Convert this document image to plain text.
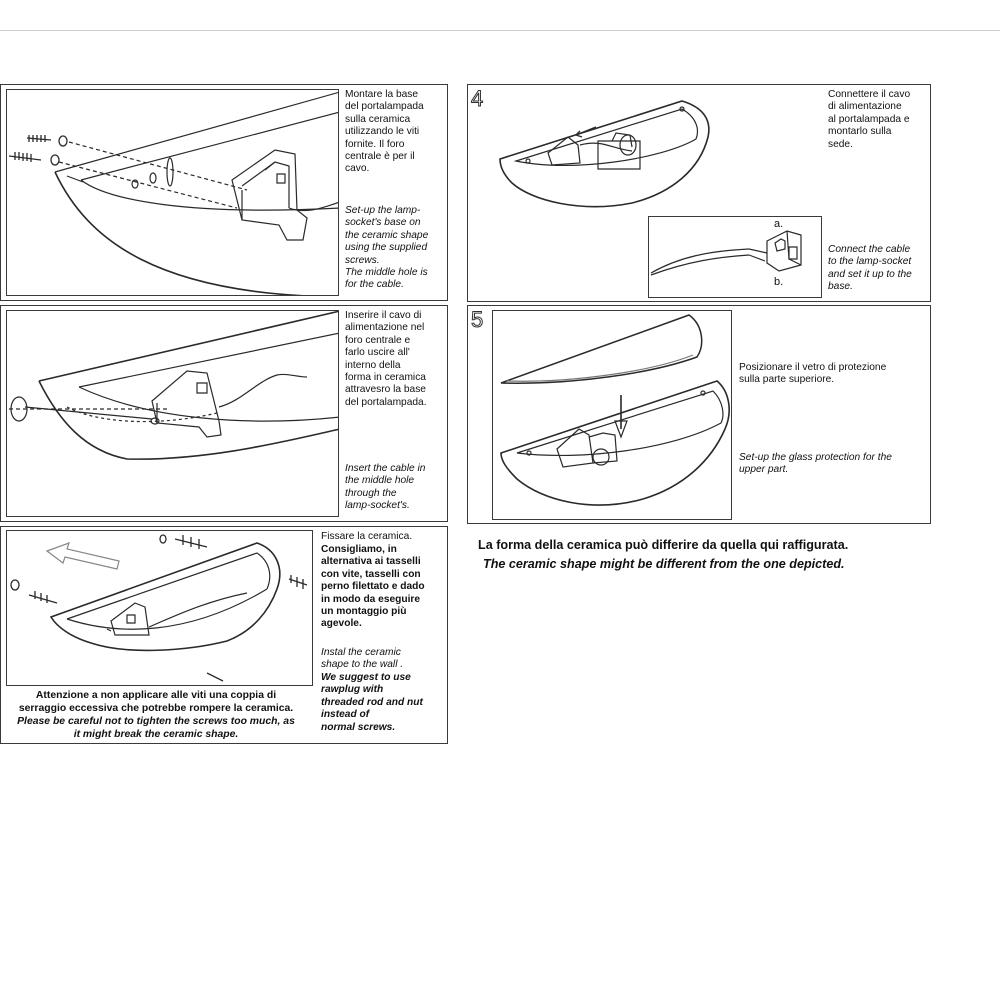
Montare la base
del portalampada
sulla ceramica
utilizzando le viti
fornite. Il foro
centrale è per il
cavo.
Set-up the lamp-
socket's base on
the ceramic shape
using the supplied
screws.
The middle hole is
for the cable.
Inserire il cavo di
alimentazione nel
foro centrale e
farlo uscire all'
interno della
forma in ceramica
attravesro la base
del portalampada.
Insert the cable in
the middle hole
through the
lamp-socket's.
Fissare la ceramica.
Consigliamo, in
alternativa ai tasselli
con vite, tasselli con
perno filettato e dado
in modo da eseguire
un montaggio più
agevole.
Instal the ceramic
shape to the wall .
We suggest to use
rawplug with
threaded rod and nut
instead of
normal screws.
Attenzione a non applicare alle viti una coppia di
serraggio eccessiva che potrebbe rompere la ceramica.
Please be careful not to tighten the screws too much, as
it might break the ceramic shape.
4
a.
b.
Connettere il cavo
di alimentazione
al portalampada e
montarlo sulla
sede.
Connect the cable
to the lamp-socket
and set it up to the
base.
5
Posizionare il vetro di protezione
sulla parte superiore.
Set-up the glass protection for the
upper part.
La forma della ceramica può differire da quella qui raffigurata.
The ceramic shape might be different from the one depicted.
